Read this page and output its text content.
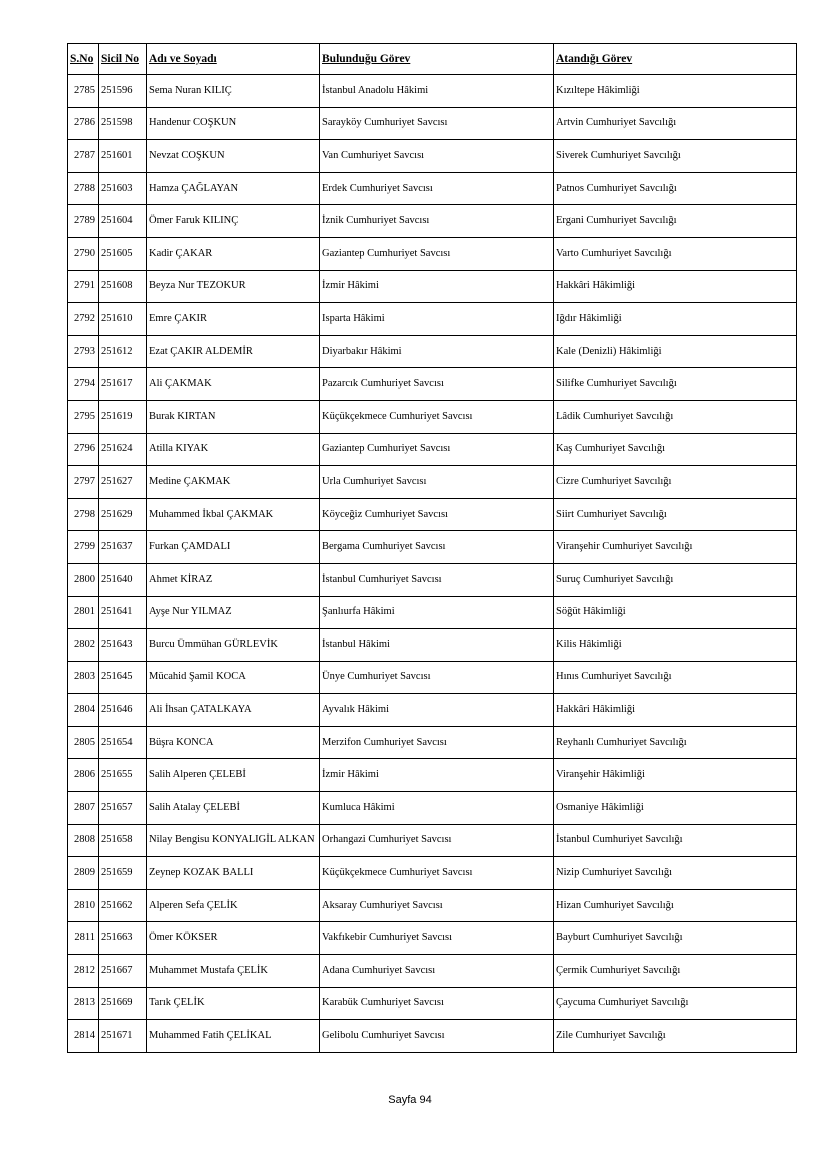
S.No	Sicil No	Adı ve Soyadı	Bulunduğu Görev	Atandığı Görev
2785	251596	Sema Nuran KILIÇ	İstanbul Anadolu Hâkimi	Kızıltepe Hâkimliği
2786	251598	Handenur COŞKUN	Sarayköy Cumhuriyet Savcısı	Artvin Cumhuriyet Savcılığı
2787	251601	Nevzat COŞKUN	Van Cumhuriyet Savcısı	Siverek Cumhuriyet Savcılığı
2788	251603	Hamza ÇAĞLAYAN	Erdek Cumhuriyet Savcısı	Patnos Cumhuriyet Savcılığı
2789	251604	Ömer Faruk KILINÇ	İznik Cumhuriyet Savcısı	Ergani Cumhuriyet Savcılığı
2790	251605	Kadir ÇAKAR	Gaziantep Cumhuriyet Savcısı	Varto Cumhuriyet Savcılığı
2791	251608	Beyza Nur TEZOKUR	İzmir Hâkimi	Hakkâri Hâkimliği
2792	251610	Emre ÇAKIR	Isparta Hâkimi	Iğdır Hâkimliği
2793	251612	Ezat ÇAKIR ALDEMİR	Diyarbakır Hâkimi	Kale (Denizli) Hâkimliği
2794	251617	Ali ÇAKMAK	Pazarcık Cumhuriyet Savcısı	Silifke Cumhuriyet Savcılığı
2795	251619	Burak KIRTAN	Küçükçekmece Cumhuriyet Savcısı	Lâdik Cumhuriyet Savcılığı
2796	251624	Atilla KIYAK	Gaziantep Cumhuriyet Savcısı	Kaş Cumhuriyet Savcılığı
2797	251627	Medine ÇAKMAK	Urla Cumhuriyet Savcısı	Cizre Cumhuriyet Savcılığı
2798	251629	Muhammed İkbal ÇAKMAK	Köyceğiz Cumhuriyet Savcısı	Siirt Cumhuriyet Savcılığı
2799	251637	Furkan ÇAMDALI	Bergama Cumhuriyet Savcısı	Viranşehir Cumhuriyet Savcılığı
2800	251640	Ahmet KİRAZ	İstanbul Cumhuriyet Savcısı	Suruç Cumhuriyet Savcılığı
2801	251641	Ayşe Nur YILMAZ	Şanlıurfa Hâkimi	Söğüt Hâkimliği
2802	251643	Burcu Ümmühan GÜRLEVİK	İstanbul Hâkimi	Kilis Hâkimliği
2803	251645	Mücahid Şamil KOCA	Ünye Cumhuriyet Savcısı	Hınıs Cumhuriyet Savcılığı
2804	251646	Ali İhsan ÇATALKAYA	Ayvalık Hâkimi	Hakkâri Hâkimliği
2805	251654	Büşra KONCA	Merzifon Cumhuriyet Savcısı	Reyhanlı Cumhuriyet Savcılığı
2806	251655	Salih Alperen ÇELEBİ	İzmir Hâkimi	Viranşehir Hâkimliği
2807	251657	Salih Atalay ÇELEBİ	Kumluca Hâkimi	Osmaniye Hâkimliği
2808	251658	Nilay Bengisu KONYALIGİL ALKAN	Orhangazi Cumhuriyet Savcısı	İstanbul Cumhuriyet Savcılığı
2809	251659	Zeynep KOZAK BALLI	Küçükçekmece Cumhuriyet Savcısı	Nizip Cumhuriyet Savcılığı
2810	251662	Alperen Sefa ÇELİK	Aksaray Cumhuriyet Savcısı	Hizan Cumhuriyet Savcılığı
2811	251663	Ömer KÖKSER	Vakfıkebir Cumhuriyet Savcısı	Bayburt Cumhuriyet Savcılığı
2812	251667	Muhammet Mustafa ÇELİK	Adana Cumhuriyet Savcısı	Çermik Cumhuriyet Savcılığı
2813	251669	Tarık ÇELİK	Karabük Cumhuriyet Savcısı	Çaycuma Cumhuriyet Savcılığı
2814	251671	Muhammed Fatih ÇELİKAL	Gelibolu Cumhuriyet Savcısı	Zile Cumhuriyet Savcılığı
Sayfa 94
